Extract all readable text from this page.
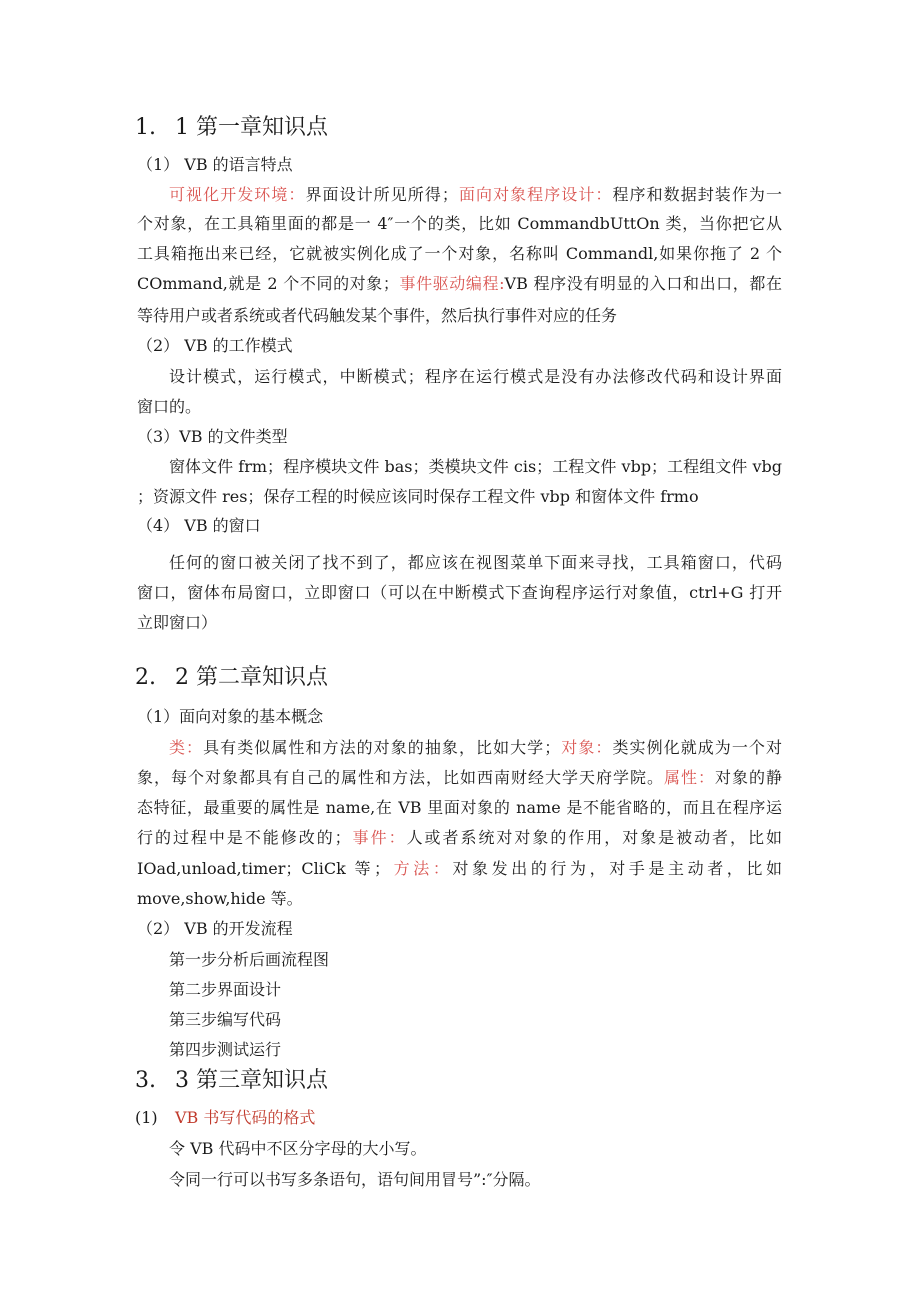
1. 1 第一章知识点
（1） VB 的语言特点
可视化开发环境：界面设计所见所得；面向对象程序设计：程序和数据封装作为一
个对象，在工具箱里面的都是一 4″一个的类，比如 CommandbUttOn 类，当你把它从
工具箱拖出来已经，它就被实例化成了一个对象，名称叫 Commandl,如果你拖了 2 个
COmmand,就是 2 个不同的对象；事件驱动编程:VB 程序没有明显的入口和出口，都在
等待用户或者系统或者代码触发某个事件，然后执行事件对应的任务
（2） VB 的工作模式
设计模式，运行模式，中断模式；程序在运行模式是没有办法修改代码和设计界面
窗口的。
（3）VB 的文件类型
窗体文件 frm；程序模块文件 bas；类模块文件 cis；工程文件 vbp；工程组文件 vbg
；资源文件 res；保存工程的时候应该同时保存工程文件 vbp 和窗体文件 frmo
（4） VB 的窗口
任何的窗口被关闭了找不到了，都应该在视图菜单下面来寻找，工具箱窗口，代码
窗口，窗体布局窗口，立即窗口（可以在中断模式下查询程序运行对象值，ctrl+G 打开
立即窗口）
2. 2 第二章知识点
（1）面向对象的基本概念
类：具有类似属性和方法的对象的抽象，比如大学；对象：类实例化就成为一个对
象，每个对象都具有自己的属性和方法，比如西南财经大学天府学院。属性：对象的静
态特征，最重要的属性是 name,在 VB 里面对象的 name 是不能省略的，而且在程序运
行的过程中是不能修改的；事件：人或者系统对对象的作用，对象是被动者，比如
IOad,unload,timer；CliCk 等；方法：对象发出的行为，对手是主动者，比如
move,show,hide 等。
（2） VB 的开发流程
第一步分析后画流程图
第二步界面设计
第三步编写代码
第四步测试运行
3. 3 第三章知识点
(1) VB 书写代码的格式
令 VB 代码中不区分字母的大小写。
令同一行可以书写多条语句，语句间用冒号”:″分隔。
